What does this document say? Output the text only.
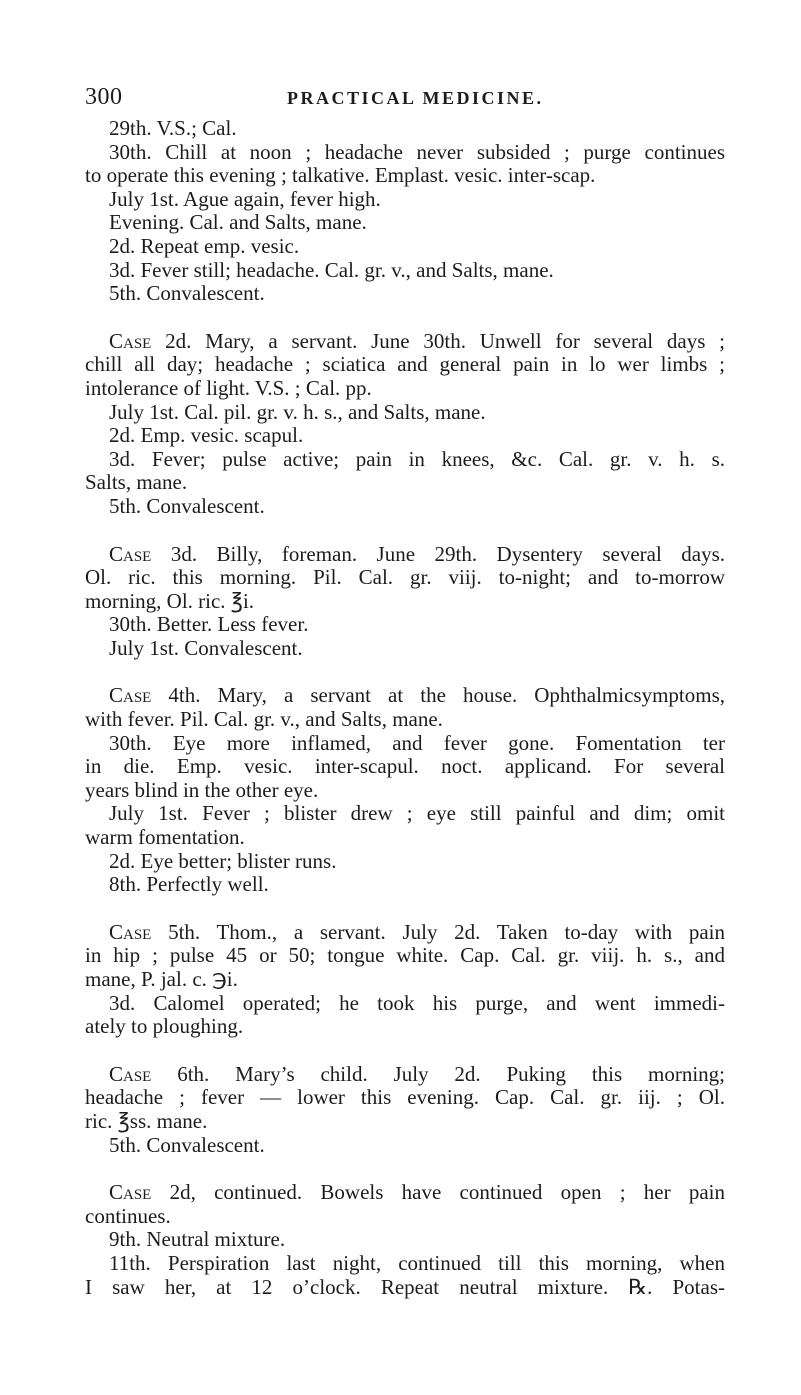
300	PRACTICAL MEDICINE.
29th. V.S.; Cal.
30th. Chill at noon ; headache never subsided ; purge continues
to operate this evening ; talkative. Emplast. vesic. inter-scap.
July 1st. Ague again, fever high.
Evening. Cal. and Salts, mane.
2d. Repeat emp. vesic.
3d. Fever still; headache. Cal. gr. v., and Salts, mane.
5th. Convalescent.
Case 2d. Mary, a servant. June 30th. Unwell for several days ;
chill all day; headache ; sciatica and general pain in lo wer limbs ;
intolerance of light. V.S. ; Cal. pp.
July 1st. Cal. pil. gr. v. h. s., and Salts, mane.
2d. Emp. vesic. scapul.
3d. Fever; pulse active; pain in knees, &c. Cal. gr. v. h. s.
Salts, mane.
5th. Convalescent.
Case 3d. Billy, foreman. June 29th. Dysentery several days.
Ol. ric. this morning. Pil. Cal. gr. viij. to-night; and to-morrow
morning, Ol. ric. ℥i.
30th. Better. Less fever.
July 1st. Convalescent.
Case 4th. Mary, a servant at the house. Ophthalmicsymptoms,
with fever. Pil. Cal. gr. v., and Salts, mane.
30th. Eye more inflamed, and fever gone. Fomentation ter
in die. Emp. vesic. inter-scapul. noct. applicand. For several
years blind in the other eye.
July 1st. Fever ; blister drew ; eye still painful and dim; omit
warm fomentation.
2d. Eye better; blister runs.
8th. Perfectly well.
Case 5th. Thom., a servant. July 2d. Taken to-day with pain
in hip ; pulse 45 or 50; tongue white. Cap. Cal. gr. viij. h. s., and
mane, P. jal. c. ℈i.
3d. Calomel operated; he took his purge, and went immedi-
ately to ploughing.
Case 6th. Mary’s child. July 2d. Puking this morning;
headache ; fever — lower this evening. Cap. Cal. gr. iij. ; Ol.
ric. ℥ss. mane.
5th. Convalescent.
Case 2d, continued. Bowels have continued open ; her pain
continues.
9th. Neutral mixture.
11th. Perspiration last night, continued till this morning, when
I saw her, at 12 o’clock. Repeat neutral mixture. ℞. Potas-
